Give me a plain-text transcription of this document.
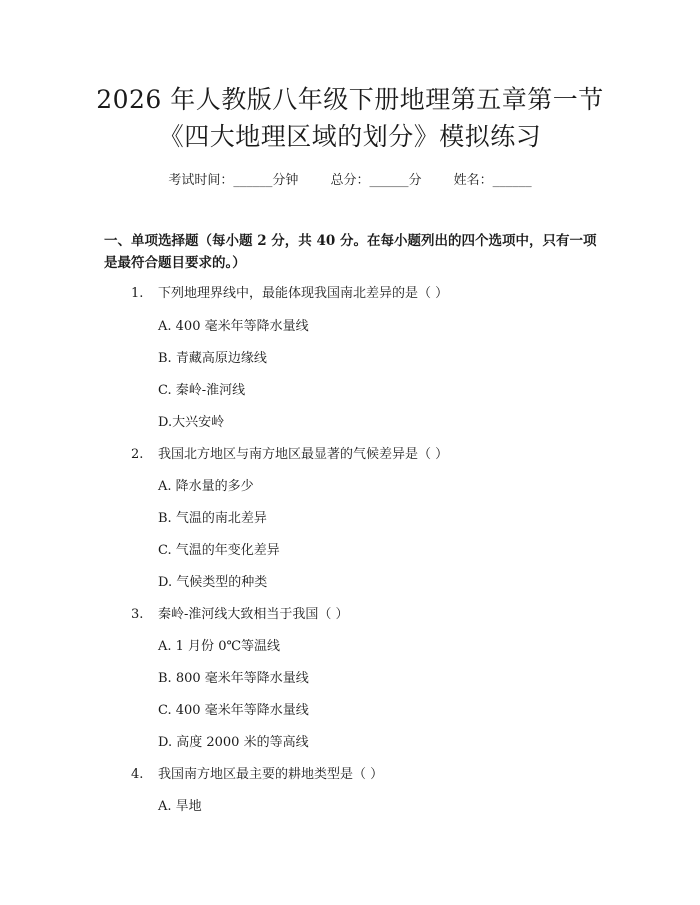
2026 年人教版八年级下册地理第五章第一节
《四大地理区域的划分》模拟练习
考试时间：______分钟 总分：______分 姓名：______
一、单项选择题（每小题 2 分，共 40 分。在每小题列出的四个选项中，只有一项
是最符合题目要求的。）
1. 下列地理界线中，最能体现我国南北差异的是（ ）
A. 400 毫米年等降水量线
B. 青藏高原边缘线
C. 秦岭-淮河线
D.大兴安岭
2. 我国北方地区与南方地区最显著的气候差异是（ ）
A. 降水量的多少
B. 气温的南北差异
C. 气温的年变化差异
D. 气候类型的种类
3. 秦岭-淮河线大致相当于我国（ ）
A. 1 月份 0℃等温线
B. 800 毫米年等降水量线
C. 400 毫米年等降水量线
D. 高度 2000 米的等高线
4. 我国南方地区最主要的耕地类型是（ ）
A. 旱地
